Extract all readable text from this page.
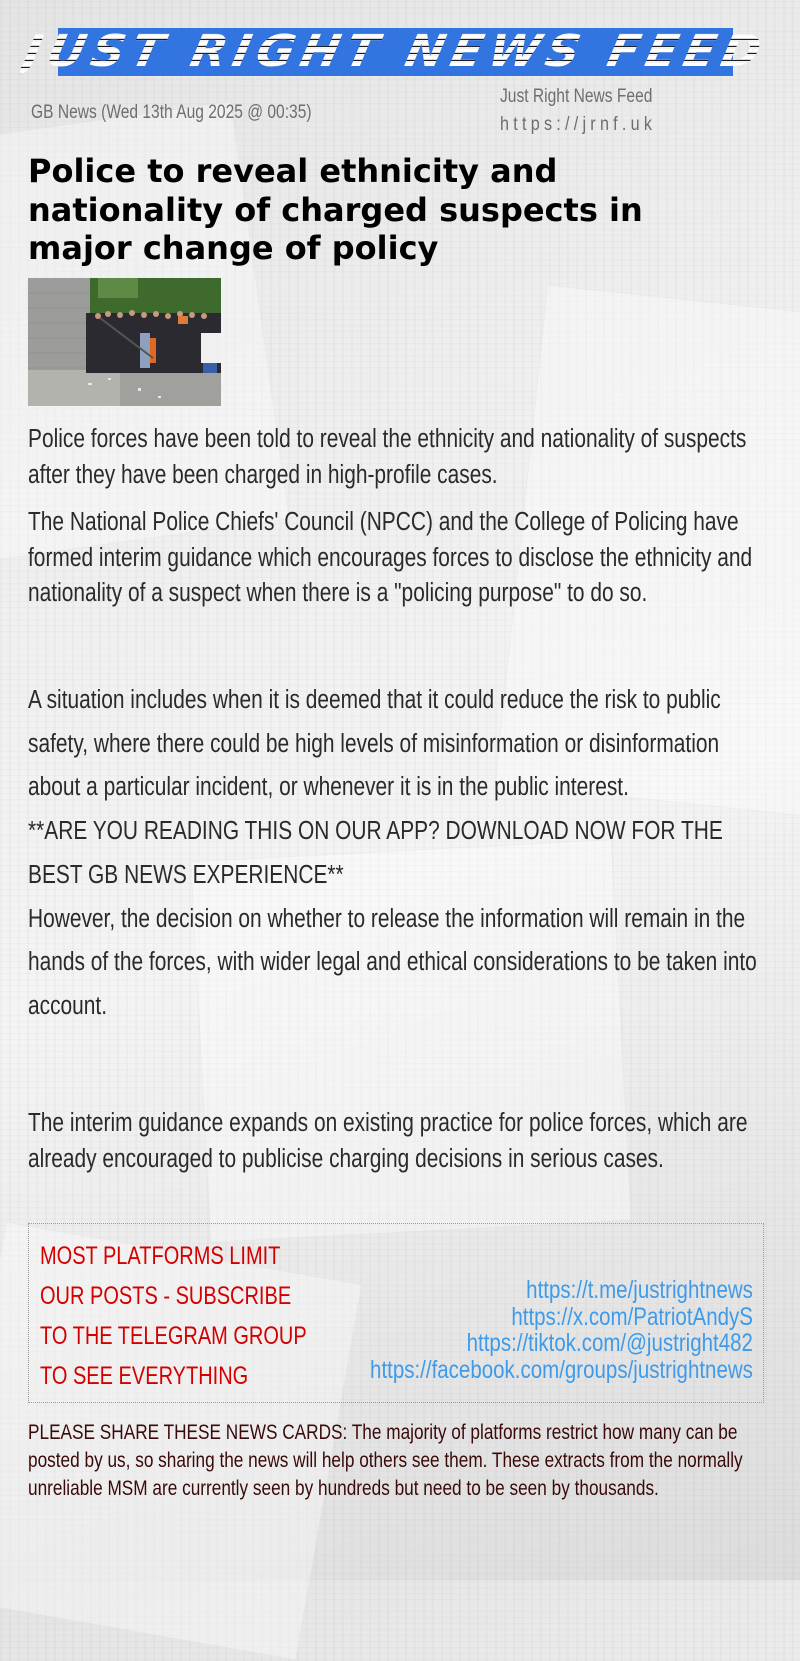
JUST RIGHT NEWS FEED
GB News (Wed 13th Aug 2025 @ 00:35)
Just Right News Feed
https://jrnf.uk
Police to reveal ethnicity and nationality of charged suspects in major change of policy

Police forces have been told to reveal the ethnicity and nationality of suspects after they have been charged in high-profile cases.

The National Police Chiefs' Council (NPCC) and the College of Policing have formed interim guidance which encourages forces to disclose the ethnicity and nationality of a suspect when there is a "policing purpose" to do so.

A situation includes when it is deemed that it could reduce the risk to public safety, where there could be high levels of misinformation or disinformation about a particular incident, or whenever it is in the public interest.

**ARE YOU READING THIS ON OUR APP? DOWNLOAD NOW FOR THE BEST GB NEWS EXPERIENCE**

However, the decision on whether to release the information will remain in the hands of the forces, with wider legal and ethical considerations to be taken into account.

The interim guidance expands on existing practice for police forces, which are already encouraged to publicise charging decisions in serious cases.

MOST PLATFORMS LIMIT
OUR POSTS - SUBSCRIBE
TO THE TELEGRAM GROUP
TO SEE EVERYTHING
https://t.me/justrightnews
https://x.com/PatriotAndyS
https://tiktok.com/@justright482
https://facebook.com/groups/justrightnews

PLEASE SHARE THESE NEWS CARDS: The majority of platforms restrict how many can be posted by us, so sharing the news will help others see them. These extracts from the normally unreliable MSM are currently seen by hundreds but need to be seen by thousands.
